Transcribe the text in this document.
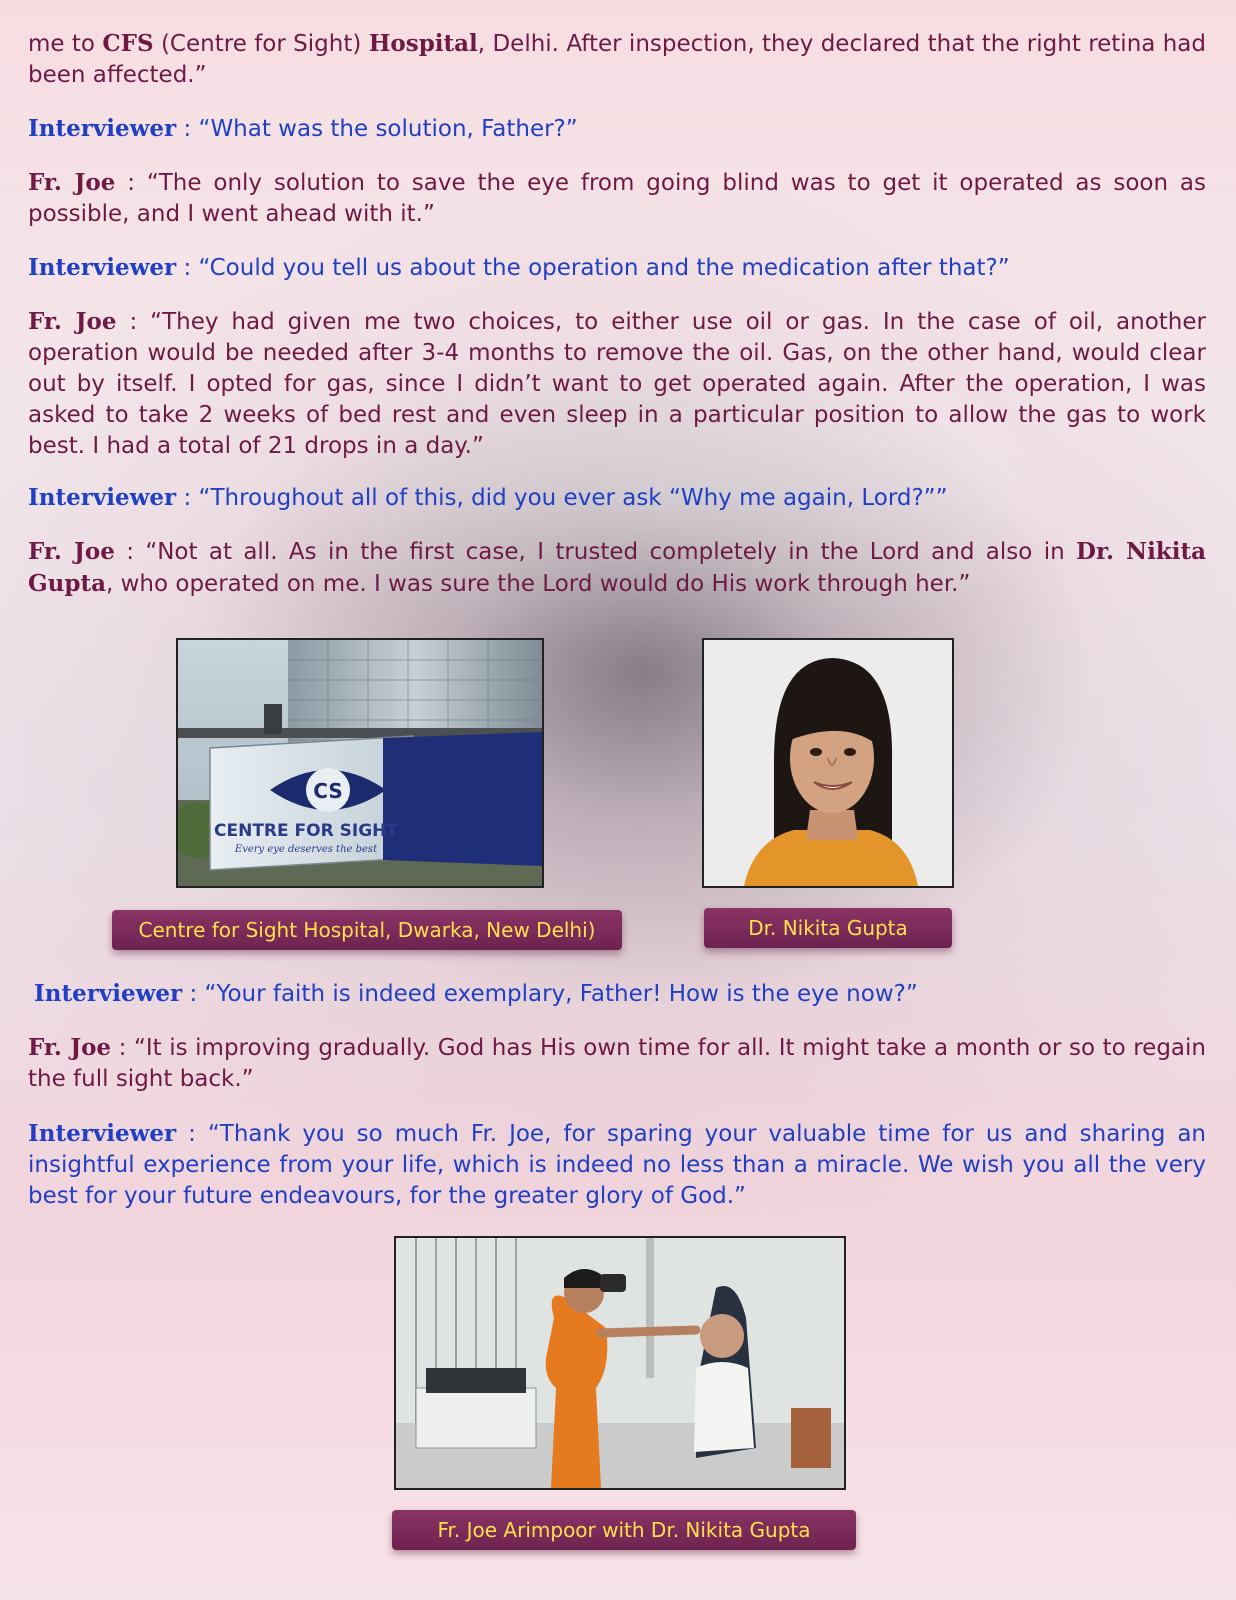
me to CFS (Centre for Sight) Hospital, Delhi. After inspection, they declared that the right retina had been affected.”

Interviewer : “What was the solution, Father?”

Fr. Joe : “The only solution to save the eye from going blind was to get it operated as soon as possible, and I went ahead with it.”

Interviewer : “Could you tell us about the operation and the medication after that?”

Fr. Joe : “They had given me two choices, to either use oil or gas. In the case of oil, another operation would be needed after 3-4 months to remove the oil. Gas, on the other hand, would clear out by itself. I opted for gas, since I didn’t want to get operated again. After the operation, I was asked to take 2 weeks of bed rest and even sleep in a particular position to allow the gas to work best. I had a total of 21 drops in a day.”

Interviewer : “Throughout all of this, did you ever ask “Why me again, Lord?””

Fr. Joe : “Not at all. As in the first case, I trusted completely in the Lord and also in Dr. Nikita Gupta, who operated on me. I was sure the Lord would do His work through her.”

CS
CENTRE FOR SIGHT
Every eye deserves the best
Centre for Sight Hospital, Dwarka, New Delhi)	Dr. Nikita Gupta

Interviewer : “Your faith is indeed exemplary, Father! How is the eye now?”

Fr. Joe : “It is improving gradually. God has His own time for all. It might take a month or so to regain the full sight back.”

Interviewer : “Thank you so much Fr. Joe, for sparing your valuable time for us and sharing an insightful experience from your life, which is indeed no less than a miracle. We wish you all the very best for your future endeavours, for the greater glory of God.”

Fr. Joe Arimpoor with Dr. Nikita Gupta
